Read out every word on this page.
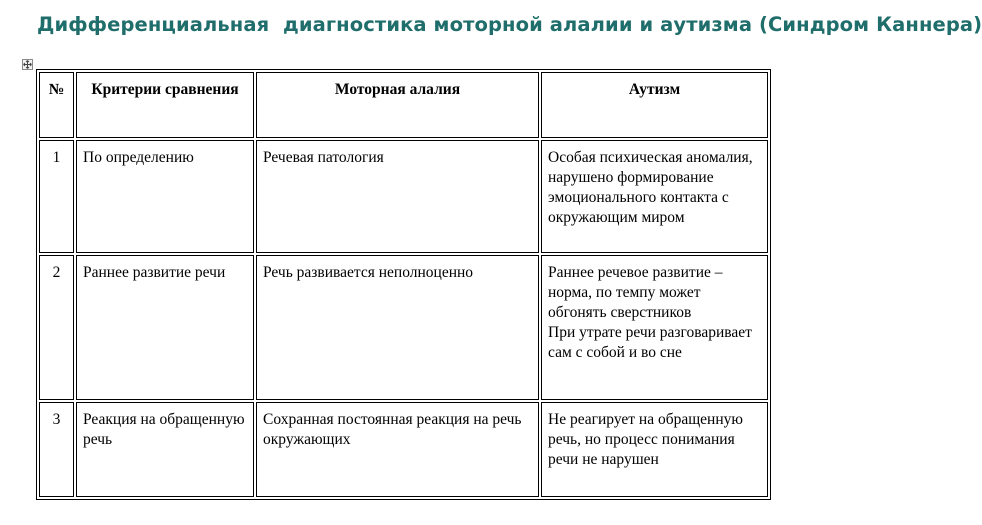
Дифференциальная  диагностика моторной алалии и аутизма (Синдром Каннера)
№	Критерии сравнения	Моторная алалия	Аутизм
1	По определению	Речевая патология	Особая психическая аномалия, нарушено формирование эмоционального контакта с окружающим миром

2	Раннее развитие речи	Речь развивается неполноценно	Раннее речевое развитие – норма, по темпу может обгонять сверстников
При утрате речи разговаривает сам с собой и во сне

3	Реакция на обращенную речь	Сохранная постоянная реакция на речь окружающих	Не реагирует на обращенную речь, но процесс понимания речи не нарушен
